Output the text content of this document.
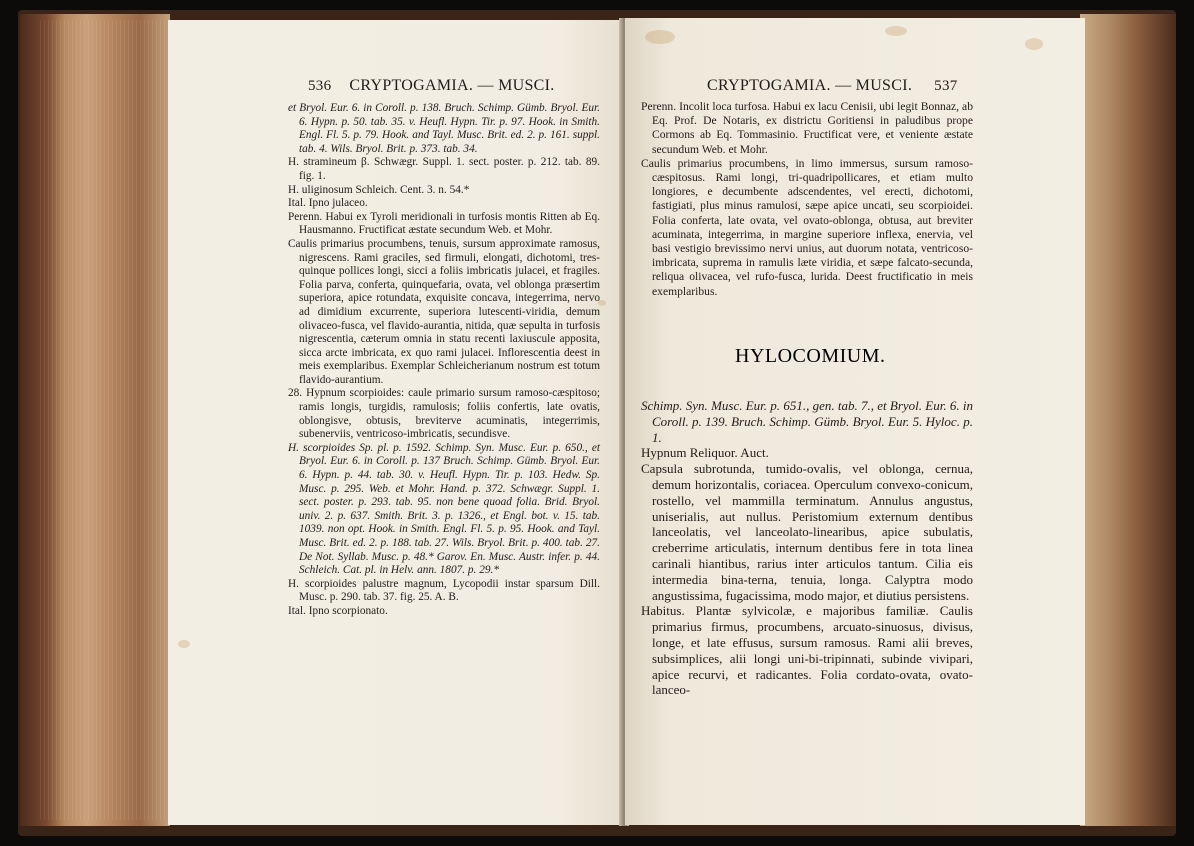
536 CRYPTOGAMIA. — MUSCI.

et Bryol. Eur. 6. in Coroll. p. 138. Bruch. Schimp. Gümb. Bryol. Eur. 6. Hypn. p. 50. tab. 35. v. Heufl. Hypn. Tir. p. 97. Hook. in Smith. Engl. Fl. 5. p. 79. Hook. and Tayl. Musc. Brit. ed. 2. p. 161. suppl. tab. 4. Wils. Bryol. Brit. p. 373. tab. 34.

H. stramineum β. Schwægr. Suppl. 1. sect. poster. p. 212. tab. 89. fig. 1.

H. uliginosum Schleich. Cent. 3. n. 54.*

Ital. Ipno julaceo.

Perenn. Habui ex Tyroli meridionali in turfosis montis Ritten ab Eq. Hausmanno. Fructificat æstate secundum Web. et Mohr.

Caulis primarius procumbens, tenuis, sursum approximate ramosus, nigrescens. Rami graciles, sed firmuli, elongati, dichotomi, tres-quinque pollices longi, sicci a foliis imbricatis julacei, et fragiles. Folia parva, conferta, quinquefaria, ovata, vel oblonga præsertim superiora, apice rotundata, exquisite concava, integerrima, nervo ad dimidium excurrente, superiora lutescenti-viridia, demum olivaceo-fusca, vel flavido-aurantia, nitida, quæ sepulta in turfosis nigrescentia, cæterum omnia in statu recenti laxiuscule apposita, sicca arcte imbricata, ex quo rami julacei. Inflorescentia deest in meis exemplaribus. Exemplar Schleicherianum nostrum est totum flavido-aurantium.

28. Hypnum scorpioides: caule primario sursum ramoso-cæspitoso; ramis longis, turgidis, ramulosis; foliis confertis, late ovatis, oblongisve, obtusis, breviterve acuminatis, integerrimis, subenerviis, ventricoso-imbricatis, secundisve.

H. scorpioides Sp. pl. p. 1592. Schimp. Syn. Musc. Eur. p. 650., et Bryol. Eur. 6. in Coroll. p. 137 Bruch. Schimp. Gümb. Bryol. Eur. 6. Hypn. p. 44. tab. 30. v. Heufl. Hypn. Tir. p. 103. Hedw. Sp. Musc. p. 295. Web. et Mohr. Hand. p. 372. Schwægr. Suppl. 1. sect. poster. p. 293. tab. 95. non bene quoad folia. Brid. Bryol. univ. 2. p. 637. Smith. Brit. 3. p. 1326., et Engl. bot. v. 15. tab. 1039. non opt. Hook. in Smith. Engl. Fl. 5. p. 95. Hook. and Tayl. Musc. Brit. ed. 2. p. 188. tab. 27. Wils. Bryol. Brit. p. 400. tab. 27. De Not. Syllab. Musc. p. 48.* Garov. En. Musc. Austr. infer. p. 44. Schleich. Cat. pl. in Helv. ann. 1807. p. 29.*

H. scorpioides palustre magnum, Lycopodii instar sparsum Dill. Musc. p. 290. tab. 37. fig. 25. A. B.

Ital. Ipno scorpionato.

CRYPTOGAMIA. — MUSCI. 537

Perenn. Incolit loca turfosa. Habui ex lacu Cenisii, ubi legit Bonnaz, ab Eq. Prof. De Notaris, ex districtu Goritiensi in paludibus prope Cormons ab Eq. Tommasinio. Fructificat vere, et veniente æstate secundum Web. et Mohr.

Caulis primarius procumbens, in limo immersus, sursum ramoso-cæspitosus. Rami longi, tri-quadripollicares, et etiam multo longiores, e decumbente adscendentes, vel erecti, dichotomi, fastigiati, plus minus ramulosi, sæpe apice uncati, seu scorpioidei. Folia conferta, late ovata, vel ovato-oblonga, obtusa, aut breviter acuminata, integerrima, in margine superiore inflexa, enervia, vel basi vestigio brevissimo nervi unius, aut duorum notata, ventricoso-imbricata, suprema in ramulis læte viridia, et sæpe falcato-secunda, reliqua olivacea, vel rufo-fusca, lurida. Deest fructificatio in meis exemplaribus.

Schimp. Syn. Musc. Eur. p. 651., gen. tab. 7., et Bryol. Eur. 6. in Coroll. p. 139. Bruch. Schimp. Gümb. Bryol. Eur. 5. Hyloc. p. 1.

Hypnum Reliquor. Auct.

Capsula subrotunda, tumido-ovalis, vel oblonga, cernua, demum horizontalis, coriacea. Operculum convexo-conicum, rostello, vel mammilla terminatum. Annulus angustus, uniserialis, aut nullus. Peristomium externum dentibus lanceolatis, vel lanceolato-linearibus, apice subulatis, creberrime articulatis, internum dentibus fere in tota linea carinali hiantibus, rarius inter articulos tantum. Cilia eis intermedia bina-terna, tenuia, longa. Calyptra modo angustissima, fugacissima, modo major, et diutius persistens.

Habitus. Plantæ sylvicolæ, e majoribus familiæ. Caulis primarius firmus, procumbens, arcuato-sinuosus, divisus, longe, et late effusus, sursum ramosus. Rami alii breves, subsimplices, alii longi uni-bi-tripinnati, subinde vivipari, apice recurvi, et radicantes. Folia cordato-ovata, ovato-lanceo-

HYLOCOMIUM.
